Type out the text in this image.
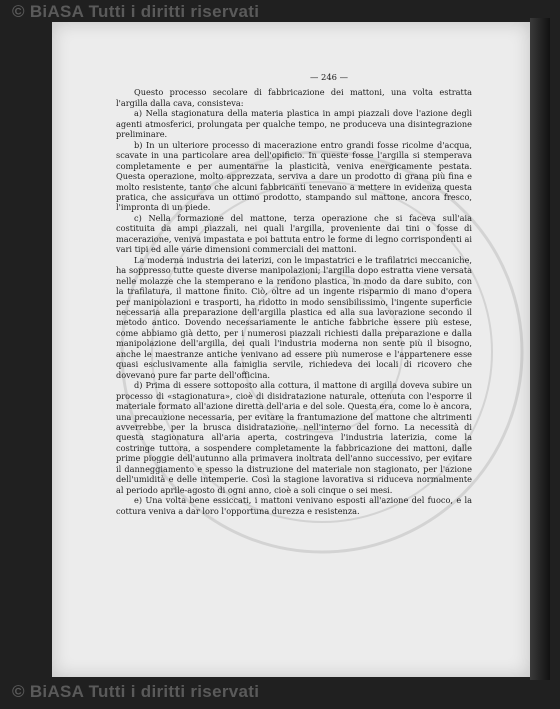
© BiASA Tutti i diritti riservati
— 246 —

Questo processo secolare di fabbricazione dei mattoni, una volta estratta l'argilla dalla cava, consisteva:

a) Nella stagionatura della materia plastica in ampi piazzali dove l'azione degli agenti atmosferici, prolungata per qualche tempo, ne produceva una disintegrazione preliminare.

b) In un ulteriore processo di macerazione entro grandi fosse ricolme d'acqua, scavate in una particolare area dell'opificio. In queste fosse l'argilla si stemperava completamente e per aumentarne la plasticità, veniva energicamente pestata. Questa operazione, molto apprezzata, serviva a dare un prodotto di grana più fina e molto resistente, tanto che alcuni fabbricanti tenevano a mettere in evidenza questa pratica, che assicurava un ottimo prodotto, stampando sul mattone, ancora fresco, l'impronta di un piede.

c) Nella formazione del mattone, terza operazione che si faceva sull'aia costituita da ampi piazzali, nei quali l'argilla, proveniente dai tini o fosse di macerazione, veniva impastata e poi battuta entro le forme di legno corrispondenti ai vari tipi ed alle varie dimensioni commerciali dei mattoni.

La moderna industria dei laterizi, con le impastatrici e le trafilatrici meccaniche, ha soppresso tutte queste diverse manipolazioni; l'argilla dopo estratta viene versata nelle molazze che la stemperano e la rendono plastica, in modo da dare subito, con la trafilatura, il mattone finito. Ciò, oltre ad un ingente risparmio di mano d'opera per manipolazioni e trasporti, ha ridotto in modo sensibilissimo, l'ingente superficie necessaria alla preparazione dell'argilla plastica ed alla sua lavorazione secondo il metodo antico. Dovendo necessariamente le antiche fabbriche essere più estese, come abbiamo già detto, per i numerosi piazzali richiesti dalla preparazione e dalla manipolazione dell'argilla, dei quali l'industria moderna non sente più il bisogno, anche le maestranze antiche venivano ad essere più numerose e l'appartenere esse quasi esclusivamente alla famiglia servile, richiedeva dei locali di ricovero che dovevano pure far parte dell'officina.

d) Prima di essere sottoposto alla cottura, il mattone di argilla doveva subire un processo di «stagionatura», cioè di disidratazione naturale, ottenuta con l'esporre il materiale formato all'azione diretta dell'aria e del sole. Questa era, come lo è ancora, una precauzione necessaria, per evitare la frantumazione del mattone che altrimenti avverrebbe, per la brusca disidratazione, nell'interno del forno. La necessità di questa stagionatura all'aria aperta, costringeva l'industria laterizia, come la costringe tuttora, a sospendere completamente la fabbricazione dei mattoni, dalle prime pioggie dell'autunno alla primavera inoltrata dell'anno successivo, per evitare il danneggiamento e spesso la distruzione del materiale non stagionato, per l'azione dell'umidità e delle intemperie. Così la stagione lavorativa si riduceva normalmente al periodo aprile-agosto di ogni anno, cioè a soli cinque o sei mesi.

e) Una volta bene essiccati, i mattoni venivano esposti all'azione del fuoco, e la cottura veniva a dar loro l'opportuna durezza e resistenza.

© BiASA Tutti i diritti riservati
